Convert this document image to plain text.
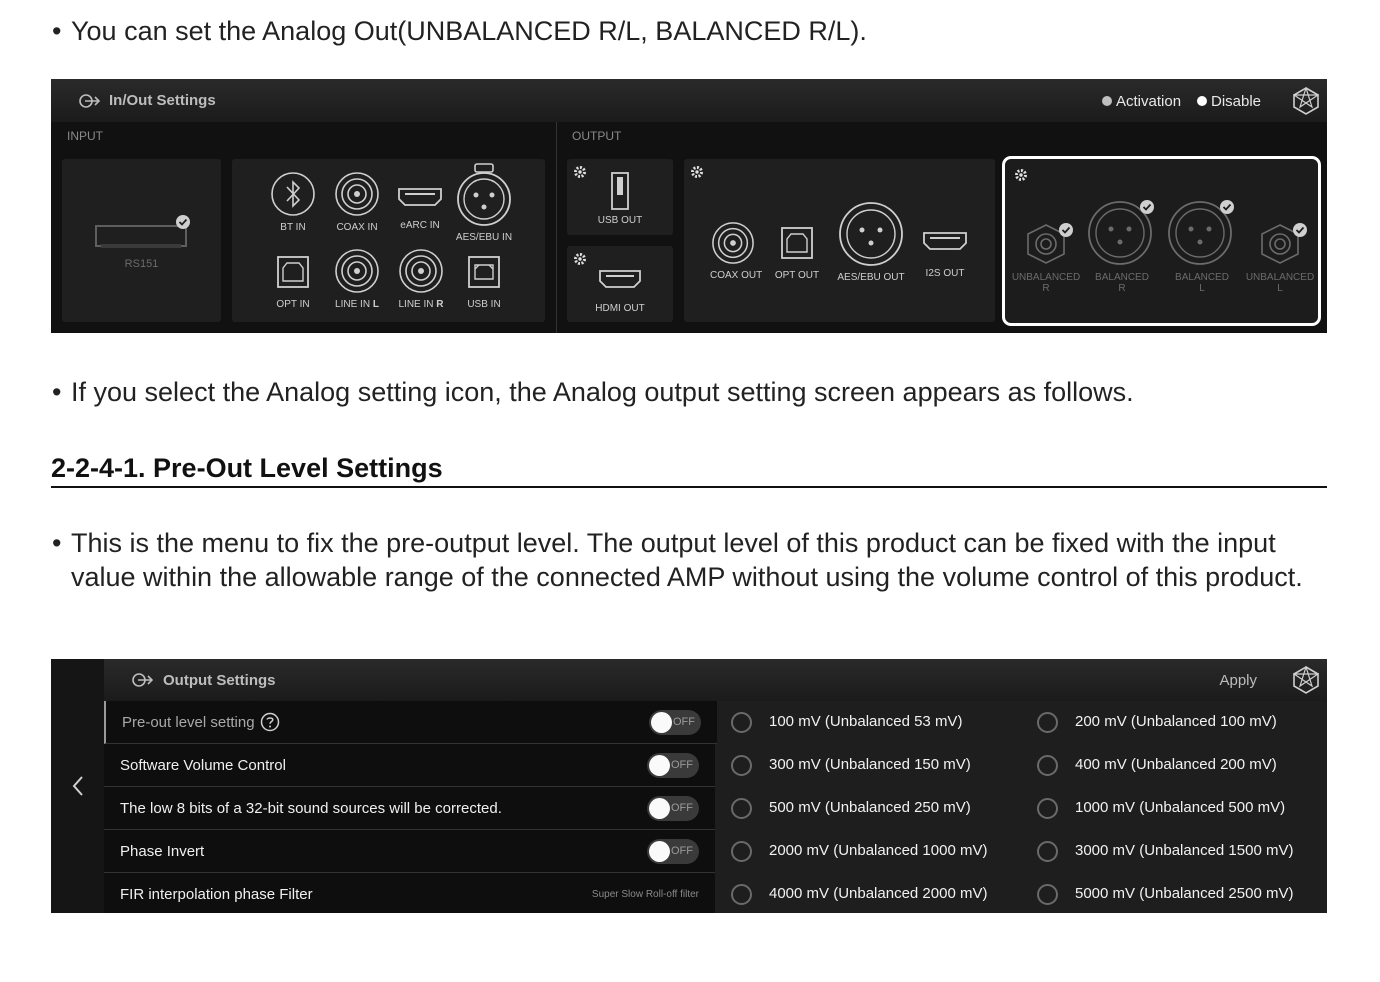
• You can set the Analog Out(UNBALANCED R/L, BALANCED R/L).
In/Out Settings	Activation	Disable
INPUT	OUTPUT
RS151
BT IN	COAX IN	eARC IN
AES/EBU IN
OPT IN	LINE IN L LINE IN R USB IN
USB OUT
HDMI OUT
COAX OUT OPT OUT AES/EBU OUT	I2S OUT	UNBALANCED
R
BALANCED
R
BALANCED
L
UNBALANCED
L
• If you select the Analog setting icon, the Analog output setting screen appears as follows.
2-2-4-1. Pre-Out Level Settings
• This is the menu to fix the pre-output level. The output level of this product can be fixed with the input value within the allowable range of the connected AMP without using the volume control of this product.
Output Settings	Apply
Pre-out level setting	OFF
Software Volume Control	OFF
The low 8 bits of a 32-bit sound sources will be corrected.	OFF
Phase Invert	OFF
FIR interpolation phase Filter	Super Slow Roll-off filter
100 mV (Unbalanced 53 mV)	200 mV (Unbalanced 100 mV)
300 mV (Unbalanced 150 mV)	400 mV (Unbalanced 200 mV)
500 mV (Unbalanced 250 mV)	1000 mV (Unbalanced 500 mV)
2000 mV (Unbalanced 1000 mV)	3000 mV (Unbalanced 1500 mV)
4000 mV (Unbalanced 2000 mV)	5000 mV (Unbalanced 2500 mV)
